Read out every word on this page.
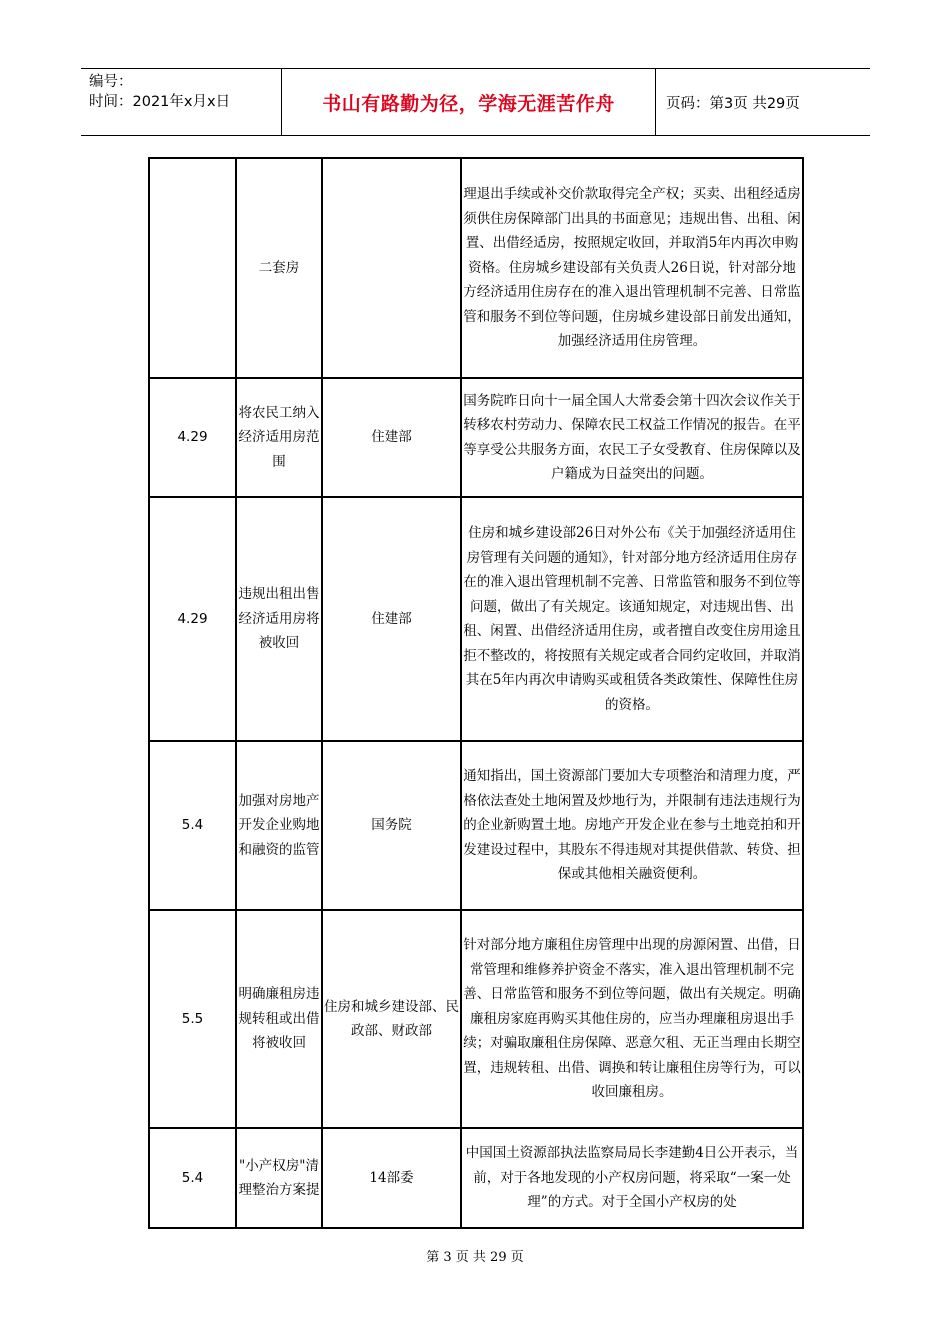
编号：
时间：2021年x月x日	书山有路勤为径，学海无涯苦作舟	页码：第3页 共29页
	二套房		理退出手续或补交价款取得完全产权；买卖、出租经适房须供住房保障部门出具的书面意见；违规出售、出租、闲置、出借经适房，按照规定收回，并取消5年内再次申购资格。住房城乡建设部有关负责人26日说，针对部分地方经济适用住房存在的准入退出管理机制不完善、日常监管和服务不到位等问题，住房城乡建设部日前发出通知，加强经济适用住房管理。
4.29	将农民工纳入经济适用房范围	住建部	国务院昨日向十一届全国人大常委会第十四次会议作关于转移农村劳动力、保障农民工权益工作情况的报告。在平等享受公共服务方面，农民工子女受教育、住房保障以及户籍成为日益突出的问题。
4.29	违规出租出售经济适用房将被收回	住建部	住房和城乡建设部26日对外公布《关于加强经济适用住房管理有关问题的通知》，针对部分地方经济适用住房存在的准入退出管理机制不完善、日常监管和服务不到位等问题，做出了有关规定。该通知规定，对违规出售、出租、闲置、出借经济适用住房，或者擅自改变住房用途且拒不整改的，将按照有关规定或者合同约定收回，并取消其在5年内再次申请购买或租赁各类政策性、保障性住房的资格。
5.4	加强对房地产开发企业购地和融资的监管	国务院	通知指出，国土资源部门要加大专项整治和清理力度，严格依法查处土地闲置及炒地行为，并限制有违法违规行为的企业新购置土地。房地产开发企业在参与土地竞拍和开发建设过程中，其股东不得违规对其提供借款、转贷、担保或其他相关融资便利。
5.5	明确廉租房违规转租或出借将被收回	住房和城乡建设部、民政部、财政部	针对部分地方廉租住房管理中出现的房源闲置、出借，日常管理和维修养护资金不落实，准入退出管理机制不完善、日常监管和服务不到位等问题，做出有关规定。明确廉租房家庭再购买其他住房的，应当办理廉租房退出手续；对骗取廉租住房保障、恶意欠租、无正当理由长期空置，违规转租、出借、调换和转让廉租住房等行为，可以收回廉租房。
5.4	"小产权房"清理整治方案提	14部委	中国国土资源部执法监察局局长李建勤4日公开表示，当前，对于各地发现的小产权房问题，将采取“一案一处理”的方式。对于全国小产权房的处
第 3 页 共 29 页
